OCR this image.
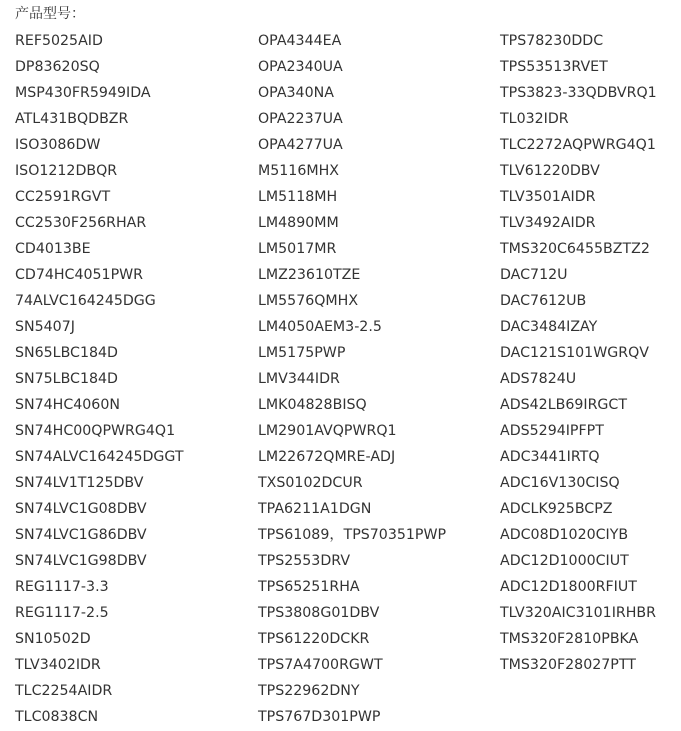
产品型号：
REF5025AID
DP83620SQ
MSP430FR5949IDA
ATL431BQDBZR
ISO3086DW
ISO1212DBQR
CC2591RGVT
CC2530F256RHAR
CD4013BE
CD74HC4051PWR
74ALVC164245DGG
SN5407J
SN65LBC184D
SN75LBC184D
SN74HC4060N
SN74HC00QPWRG4Q1
SN74ALVC164245DGGT
SN74LV1T125DBV
SN74LVC1G08DBV
SN74LVC1G86DBV
SN74LVC1G98DBV
REG1117-3.3
REG1117-2.5
SN10502D
TLV3402IDR
TLC2254AIDR
TLC0838CN
OPA4344EA
OPA2340UA
OPA340NA
OPA2237UA
OPA4277UA
M5116MHX
LM5118MH
LM4890MM
LM5017MR
LMZ23610TZE
LM5576QMHX
LM4050AEM3-2.5
LM5175PWP
LMV344IDR
LMK04828BISQ
LM2901AVQPWRQ1
LM22672QMRE-ADJ
TXS0102DCUR
TPA6211A1DGN
TPS61089，TPS70351PWP
TPS2553DRV
TPS65251RHA
TPS3808G01DBV
TPS61220DCKR
TPS7A4700RGWT
TPS22962DNY
TPS767D301PWP
TPS78230DDC
TPS53513RVET
TPS3823-33QDBVRQ1
TL032IDR
TLC2272AQPWRG4Q1
TLV61220DBV
TLV3501AIDR
TLV3492AIDR
TMS320C6455BZTZ2
DAC712U
DAC7612UB
DAC3484IZAY
DAC121S101WGRQV
ADS7824U
ADS42LB69IRGCT
ADS5294IPFPT
ADC3441IRTQ
ADC16V130CISQ
ADCLK925BCPZ
ADC08D1020CIYB
ADC12D1000CIUT
ADC12D1800RFIUT
TLV320AIC3101IRHBR
TMS320F2810PBKA
TMS320F28027PTT
